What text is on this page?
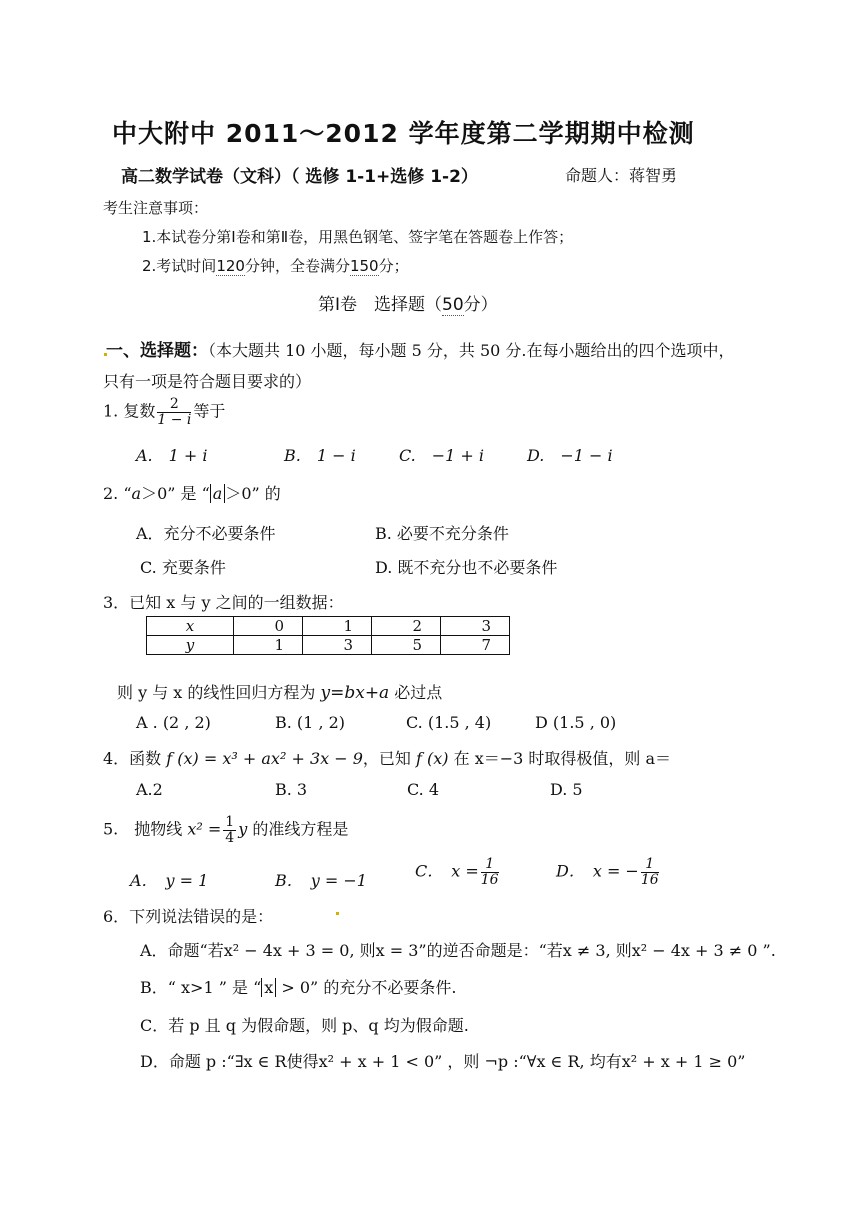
中大附中 2011～2012 学年度第二学期期中检测
高二数学试卷（文科）（ 选修 1-1+选修 1-2）	命题人：蒋智勇
考生注意事项：
1.本试卷分第Ⅰ卷和第Ⅱ卷，用黑色钢笔、签字笔在答题卷上作答；
2.考试时间120分钟，全卷满分150分；
第Ⅰ卷　选择题（50分）
一、选择题：（本大题共 10 小题，每小题 5 分，共 50 分.在每小题给出的四个选项中，
只有一项是符合题目要求的）
1. 复数 $\frac{2}{1 - i}$ 等于
A.　1 + i	B.　1 − i	C.　−1 + i	D.　−1 − i
2. “a＞0” 是 “ a ＞0” 的
A．充分不必要条件	B. 必要不充分条件
C. 充要条件	D. 既不充分也不必要条件
3．已知 x 与 y 之间的一组数据：
x	0	1	2	3
y	1	3	5	7
则 y 与 x 的线性回归方程为 y=bx+a 必过点
A . (2 , 2)	B. (1 , 2)	C. (1.5 , 4)	D (1.5 , 0)
4．函数 f (x) = x³ + ax² + 3x − 9，已知 f (x) 在 x＝−3 时取得极值，则 a＝
A.2	B. 3	C. 4	D. 5
5.　抛物线 $x^2 = \frac{1}{4}$ y 的准线方程是
A．　y = 1	B．　y = −1	C．　$x = \frac{1}{16}$	D．　x = − $\frac{1}{16}$
6．下列说法错误的是：
A．命题“若x² − 4x + 3 = 0, 则x = 3”的逆否命题是：“若x ≠ 3, 则x² − 4x + 3 ≠ 0 ”.
B．“ x>1 ” 是 “ x > 0” 的充分不必要条件.
C．若 p 且 q 为假命题，则 p、q 均为假命题.
D．命题 p :“∃x ∈ R使得x² + x + 1 < 0” ，则 ¬p :“∀x ∈ R, 均有x² + x + 1 ≥ 0”
